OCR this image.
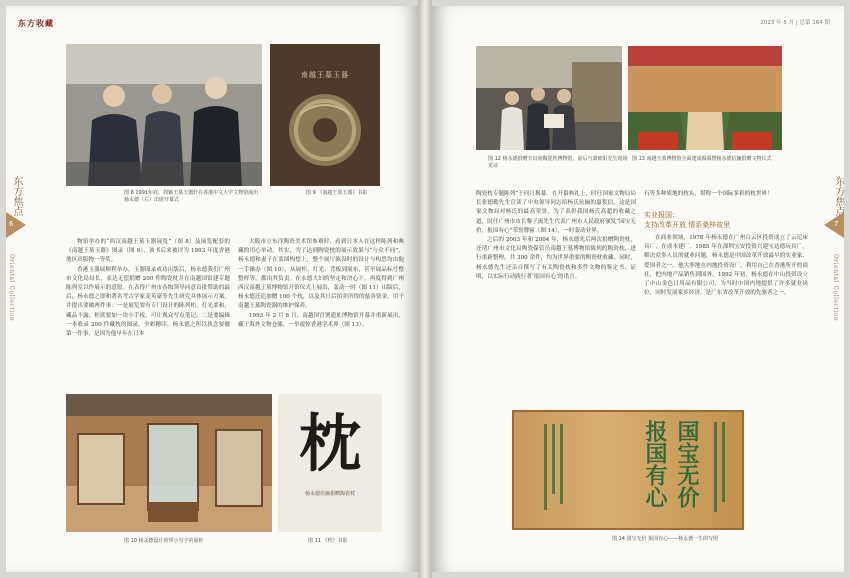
东方收藏
图 8 1991年底，周颖王墓玉器轩在香港中文大学文物馆展出 杨永德（右）出席开幕式
南越王墓玉器
图 9 《南越王墓玉器》书影
东方焦点
6
Oriental Collection

物馆举办的“西汉南越王墓玉器展览”（图 8）及展览配套的《南越王墓玉器》图录（图 9），该书后来被评为 1993 年度香港地区出版物一等奖。

香港玉器展顺利举办，玉器图录成功出版后，杨永德我们广州市文化局局长，表达无偿捐赠 200 件陶瓷枕并在南越国馆建专题陈列室以作展示的意愿。在表得广州市各级领导同意首批赞助的最后，杨永德之即和著名考古学家麦英豪等先生研究具体展示方案。并提出要做两件事：一是展览要有专门设计的陈列柜，灯光柔和，藏品不露；柜底要加一块小手板，可让观众写点笔记。二是要编辑一本收录 200 件藏枕的图录，全彩精印。杨永德之所以执念要做第一件事，是因为他早年在日本

大阪市立东洋陶瓷美术馆参观时，看到日本人在这样陈列和典藏的用心举动。其实，为了达到陶瓷枕的展示效果与“与众不同”，杨永德和妻子在蓝图构想上，整个展厅陈设时的设计与构思均由他一手操办（图 10），从展柜、灯光、背板到展布，甚至展品标号整整样等，都由其负责。在永德夫妇的坚定和决心下，再度得到广州西汉南越王墓博物馆开馆仪式上展出，轰动一时（图 11）出版后，杨永德还追加赠 100 个枕，以及其日后拍卖所得的慈善资金，用于南越王墓陶瓷器的维护保养。

1993 年 2 月 8 日，南越国宫署遗址博物馆开幕并重新展出，藏于海外文物仓储，一举震惊香港学术界（图 13）。

图 10 杨永德设计的带小写字的展柜
枕
杨永德伉俪捐赠陶瓷枕
图 11 《枕》书影
2023 年 5 月 | 总第 164 期
图 12 杨永德捐赠夫妇向陶瓷枕博物馆，前后与萧欧阳先生现场见证
图 13 南越王墓博物馆全面建成揭幕暨杨永德伉俪捐赠文物仪式
东方焦点
7
Oriental Collection

陶瓷枕专题陈列”于同日揭幕。在开幕典礼上，时任国家文物局局长张德勤先生宣读了中央领导同志给杨氏伉俪的嘉奖信，这是国家文物局对杨氏的最高荣誉，为了表彰我国杨氏高超的收藏之道，时任广州市市长黎子流先生代表广州市人民政府颁发“园宝无价，报国有心”荣誉牌匾（图 14），一时轰动业界。

之后的 2003 年和 2004 年，杨永德先后两次捐赠陶瓷枕，还请广州市文化局陶瓷保管员南越王墓博物馆陈列的陶瓷枕，进行重新整理，共 300 余件，均为世界重要的陶瓷枕收藏。同时，杨永德先生还亲自撰写了有关陶瓷枕和多件文物的鉴定书、证明，以实际行动践行著‘报国有心’的诺言。

石等多种质地的枕头，堪称一个国际多彩的枕世界！

实业报国：
支持改革开放 情系桑梓故里

在商业领域，1978 年杨永德在广州白云区投资成立了云尼床具厂，在成本建厂。1985 年在深圳宝安投资兴建宝达德玩具厂，解决众多人员的就业问题。杨永德是中国改革开放最早的实业家、爱国者之一。他大胆地在内地投资设厂，利用自己在香港所开的商社，把内地产品销售到国外。1992 年初，杨永德在中山投资设立了中山金色日用品有限公司，为当时中国内地提供了许多就业岗位，同时发展家乡经济，是广东省改革开放的先驱者之一。

国宝无价
报国有心
图 14 国宝无价 报国有心——杨永德一生的写照
